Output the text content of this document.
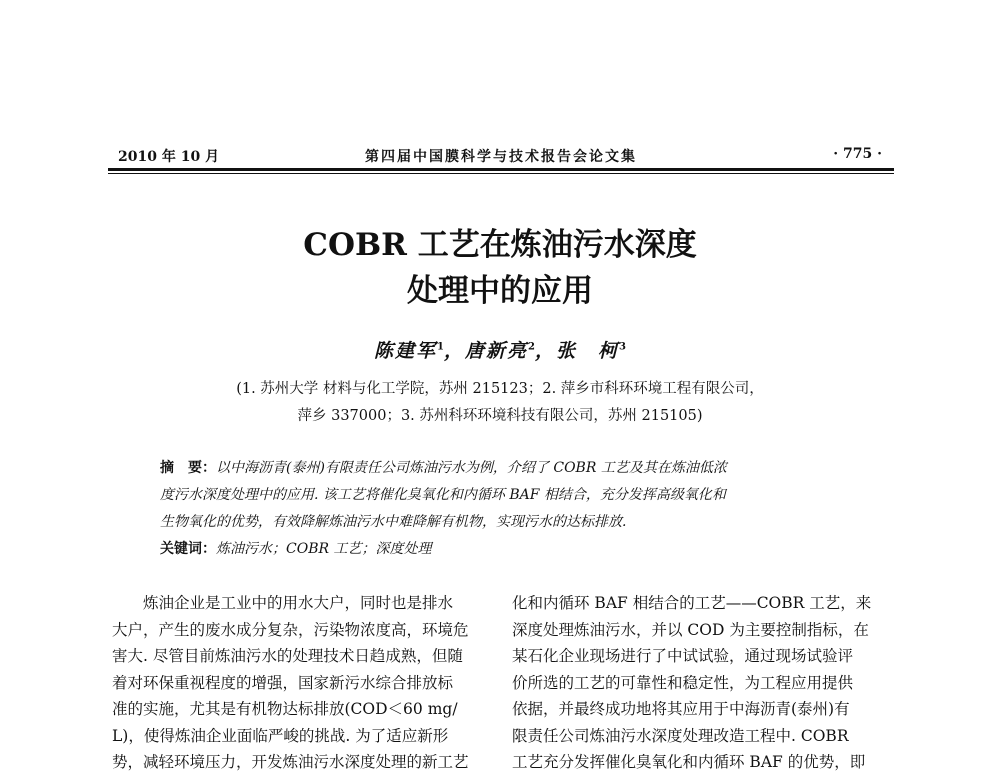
2010 年 10 月	第四届中国膜科学与技术报告会论文集	· 775 ·
COBR 工艺在炼油污水深度
处理中的应用
陈建军$^1$，唐新亮$^2$，张　柯$^3$
(1. 苏州大学 材料与化工学院，苏州 215123；2. 萍乡市科环环境工程有限公司，
萍乡 337000；3. 苏州科环环境科技有限公司，苏州 215105)
摘　要：以中海沥青(泰州)有限责任公司炼油污水为例，介绍了 COBR 工艺及其在炼油低浓
度污水深度处理中的应用. 该工艺将催化臭氧化和内循环 BAF 相结合，充分发挥高级氧化和
生物氧化的优势，有效降解炼油污水中难降解有机物，实现污水的达标排放.
关键词：炼油污水；COBR 工艺；深度处理
　　炼油企业是工业中的用水大户，同时也是排水
大户，产生的废水成分复杂，污染物浓度高，环境危
害大. 尽管目前炼油污水的处理技术日趋成熟，但随
着对环保重视程度的增强，国家新污水综合排放标
准的实施，尤其是有机物达标排放(COD＜60 mg/
L)，使得炼油企业面临严峻的挑战. 为了适应新形
势，减轻环境压力，开发炼油污水深度处理的新工艺
化和内循环 BAF 相结合的工艺——COBR 工艺，来
深度处理炼油污水，并以 COD 为主要控制指标，在
某石化企业现场进行了中试试验，通过现场试验评
价所选的工艺的可靠性和稳定性，为工程应用提供
依据，并最终成功地将其应用于中海沥青(泰州)有
限责任公司炼油污水深度处理改造工程中. COBR
工艺充分发挥催化臭氧化和内循环 BAF 的优势，即
